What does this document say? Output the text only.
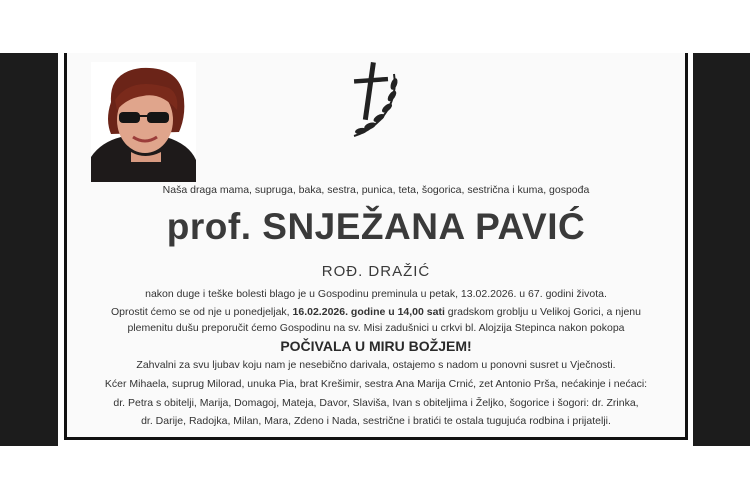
Naša draga mama, supruga, baka, sestra, punica, teta, šogorica, sestrična i kuma, gospođa
prof. SNJEŽANA PAVIĆ
ROĐ. DRAŽIĆ
nakon duge i teške bolesti blago je u Gospodinu preminula u petak, 13.02.2026. u 67. godini života.
Oprostit ćemo se od nje u ponedjeljak, 16.02.2026. godine u 14,00 sati gradskom groblju u Velikoj Gorici, a njenu
plemenitu dušu preporučit ćemo Gospodinu na sv. Misi zadušnici u crkvi bl. Alojzija Stepinca nakon pokopa
POČIVALA U MIRU BOŽJEM!
Zahvalni za svu ljubav koju nam je nesebično darivala, ostajemo s nadom u ponovni susret u Vječnosti.
Kćer Mihaela, suprug Milorad, unuka Pia, brat Krešimir, sestra Ana Marija Crnić, zet Antonio Prša, nećakinje i nećaci:
dr. Petra s obitelji, Marija, Domagoj, Mateja, Davor, Slaviša, Ivan s obiteljima i Željko, šogorice i šogori: dr. Zrinka,
dr. Darije, Radojka, Milan, Mara, Zdeno i Nada, sestrične i bratići te ostala tugujuća rodbina i prijatelji.
